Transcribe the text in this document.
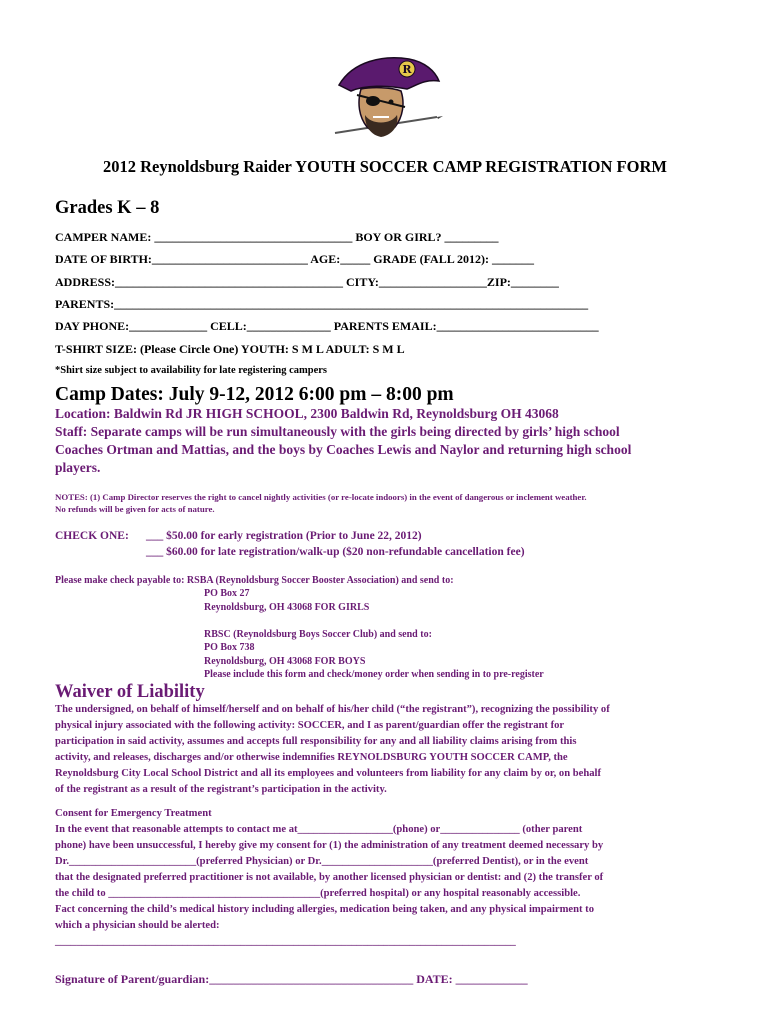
R
2012 Reynoldsburg Raider YOUTH SOCCER CAMP REGISTRATION FORM
Grades K – 8
CAMPER NAME: _________________________________ BOY OR GIRL? _________
DATE OF BIRTH:__________________________ AGE:_____ GRADE (FALL 2012): _______
ADDRESS:______________________________________ CITY:__________________ZIP:________
PARENTS:_______________________________________________________________________________
DAY PHONE:_____________ CELL:______________ PARENTS EMAIL:___________________________
T-SHIRT SIZE: (Please Circle One) YOUTH: S M L ADULT: S M L
*Shirt size subject to availability for late registering campers
Camp Dates: July 9-12, 2012 6:00 pm – 8:00 pm
Location: Baldwin Rd JR HIGH SCHOOL, 2300 Baldwin Rd, Reynoldsburg OH 43068
Staff: Separate camps will be run simultaneously with the girls being directed by girls’ high school
Coaches Ortman and Mattias, and the boys by Coaches Lewis and Naylor and returning high school
players.
NOTES: (1) Camp Director reserves the right to cancel nightly activities (or re-locate indoors) in the event of dangerous or inclement weather.
No refunds will be given for acts of nature.
CHECK ONE: ___ $50.00 for early registration (Prior to June 22, 2012)
___ $60.00 for late registration/walk-up ($20 non-refundable cancellation fee)
Please make check payable to: RSBA (Reynoldsburg Soccer Booster Association) and send to:
PO Box 27
Reynoldsburg, OH 43068 FOR GIRLS
RBSC (Reynoldsburg Boys Soccer Club) and send to:
PO Box 738
Reynoldsburg, OH 43068 FOR BOYS
Please include this form and check/money order when sending in to pre-register
Waiver of Liability
The undersigned, on behalf of himself/herself and on behalf of his/her child (“the registrant”), recognizing the possibility of
physical injury associated with the following activity: SOCCER, and I as parent/guardian offer the registrant for
participation in said activity, assumes and accepts full responsibility for any and all liability claims arising from this
activity, and releases, discharges and/or otherwise indemnifies REYNOLDSBURG YOUTH SOCCER CAMP, the
Reynoldsburg City Local School District and all its employees and volunteers from liability for any claim by or, on behalf
of the registrant as a result of the registrant’s participation in the activity.
Consent for Emergency Treatment
In the event that reasonable attempts to contact me at__________________(phone) or_______________ (other parent
phone) have been unsuccessful, I hereby give my consent for (1) the administration of any treatment deemed necessary by
Dr.________________________(preferred Physician) or Dr._____________________(preferred Dentist), or in the event
that the designated preferred practitioner is not available, by another licensed physician or dentist: and (2) the transfer of
the child to ________________________________________(preferred hospital) or any hospital reasonably accessible.
Fact concerning the child’s medical history including allergies, medication being taken, and any physical impairment to
which a physician should be alerted:
_______________________________________________________________________________________
Signature of Parent/guardian:__________________________________ DATE: ____________
